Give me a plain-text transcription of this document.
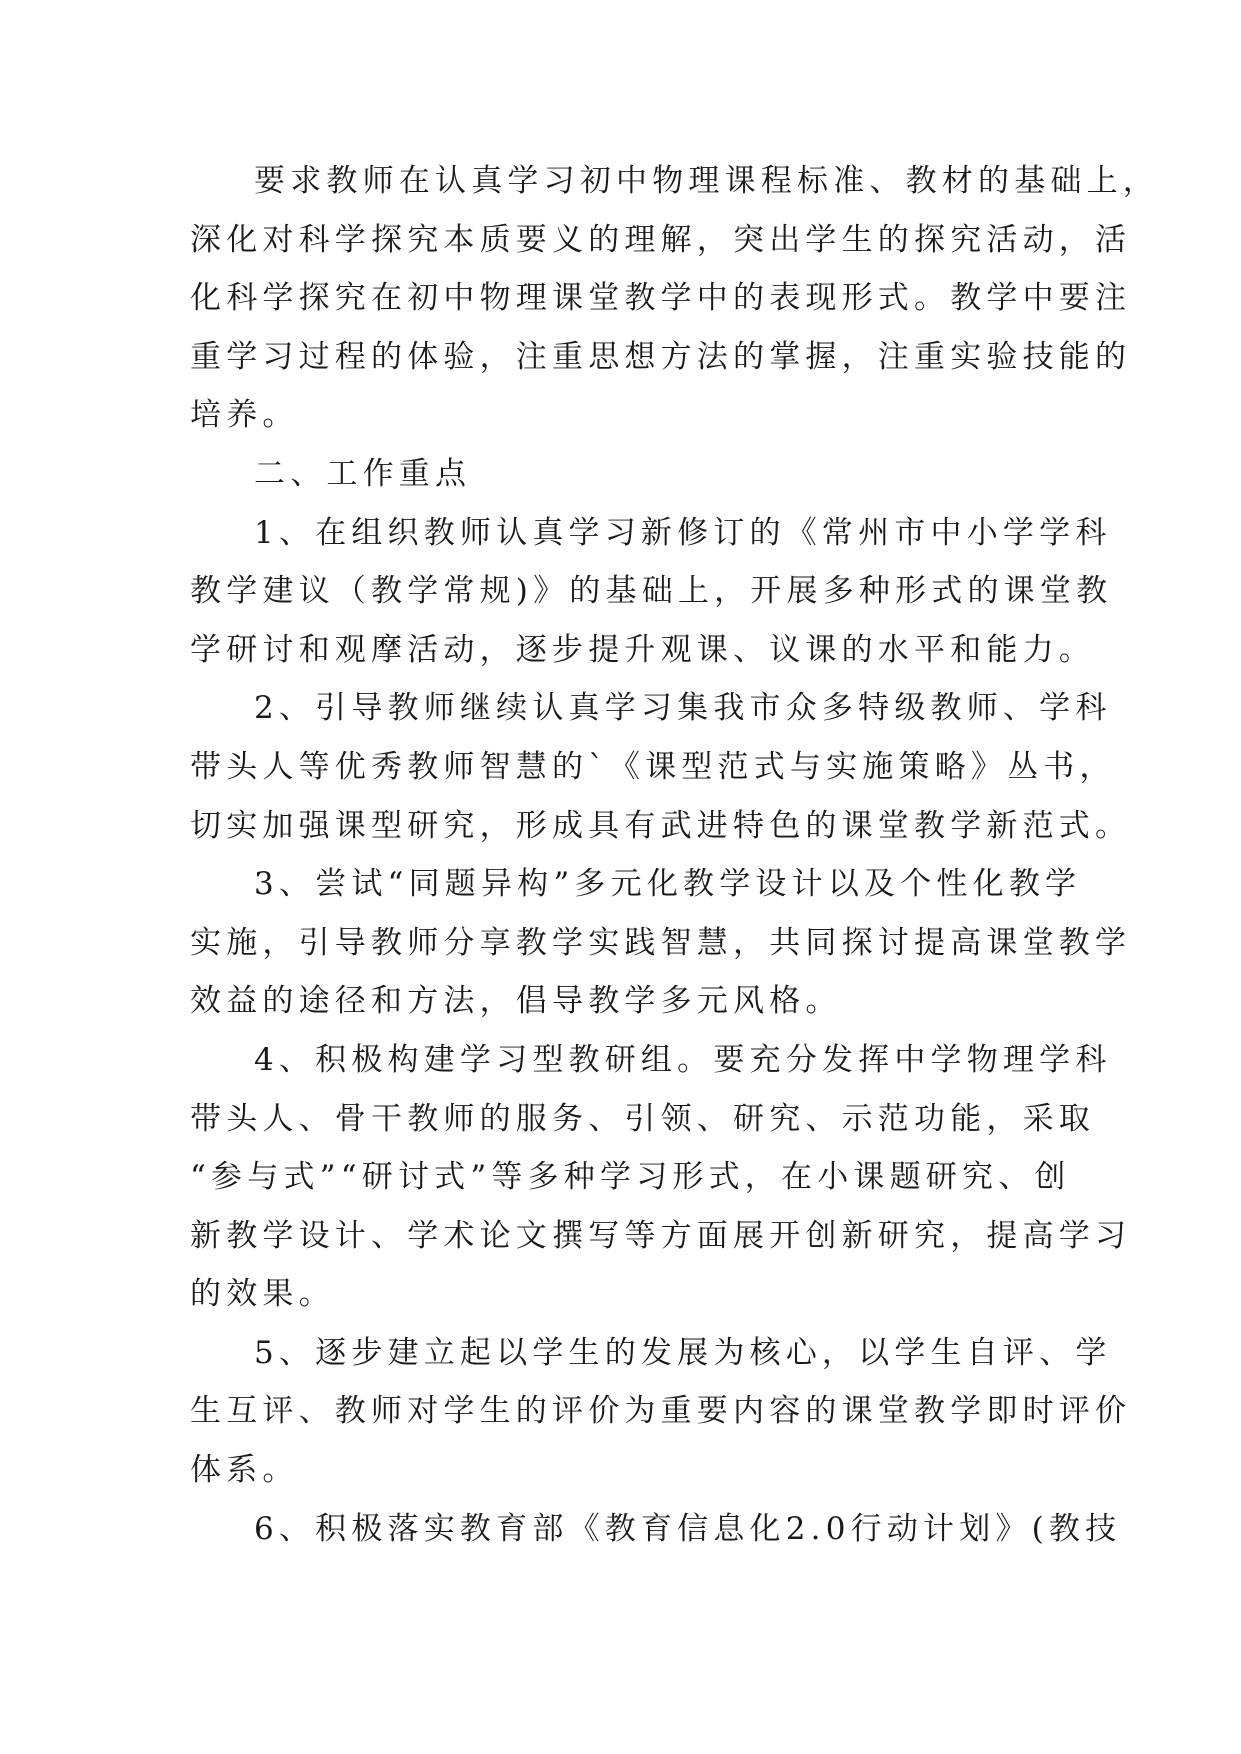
要求教师在认真学习初中物理课程标准、教材的基础上，
深化对科学探究本质要义的理解，突出学生的探究活动，活
化科学探究在初中物理课堂教学中的表现形式。教学中要注
重学习过程的体验，注重思想方法的掌握，注重实验技能的
培养。

二、工作重点

1、在组织教师认真学习新修订的《常州市中小学学科
教学建议（教学常规)》的基础上，开展多种形式的课堂教
学研讨和观摩活动，逐步提升观课、议课的水平和能力。

2、引导教师继续认真学习集我市众多特级教师、学科
带头人等优秀教师智慧的`《课型范式与实施策略》丛书，
切实加强课型研究，形成具有武进特色的课堂教学新范式。

3、尝试“同题异构”多元化教学设计以及个性化教学
实施，引导教师分享教学实践智慧，共同探讨提高课堂教学
效益的途径和方法，倡导教学多元风格。

4、积极构建学习型教研组。要充分发挥中学物理学科
带头人、骨干教师的服务、引领、研究、示范功能，采取
“参与式”“研讨式”等多种学习形式，在小课题研究、创
新教学设计、学术论文撰写等方面展开创新研究，提高学习
的效果。

5、逐步建立起以学生的发展为核心，以学生自评、学
生互评、教师对学生的评价为重要内容的课堂教学即时评价
体系。

6、积极落实教育部《教育信息化2.0行动计划》(教技
